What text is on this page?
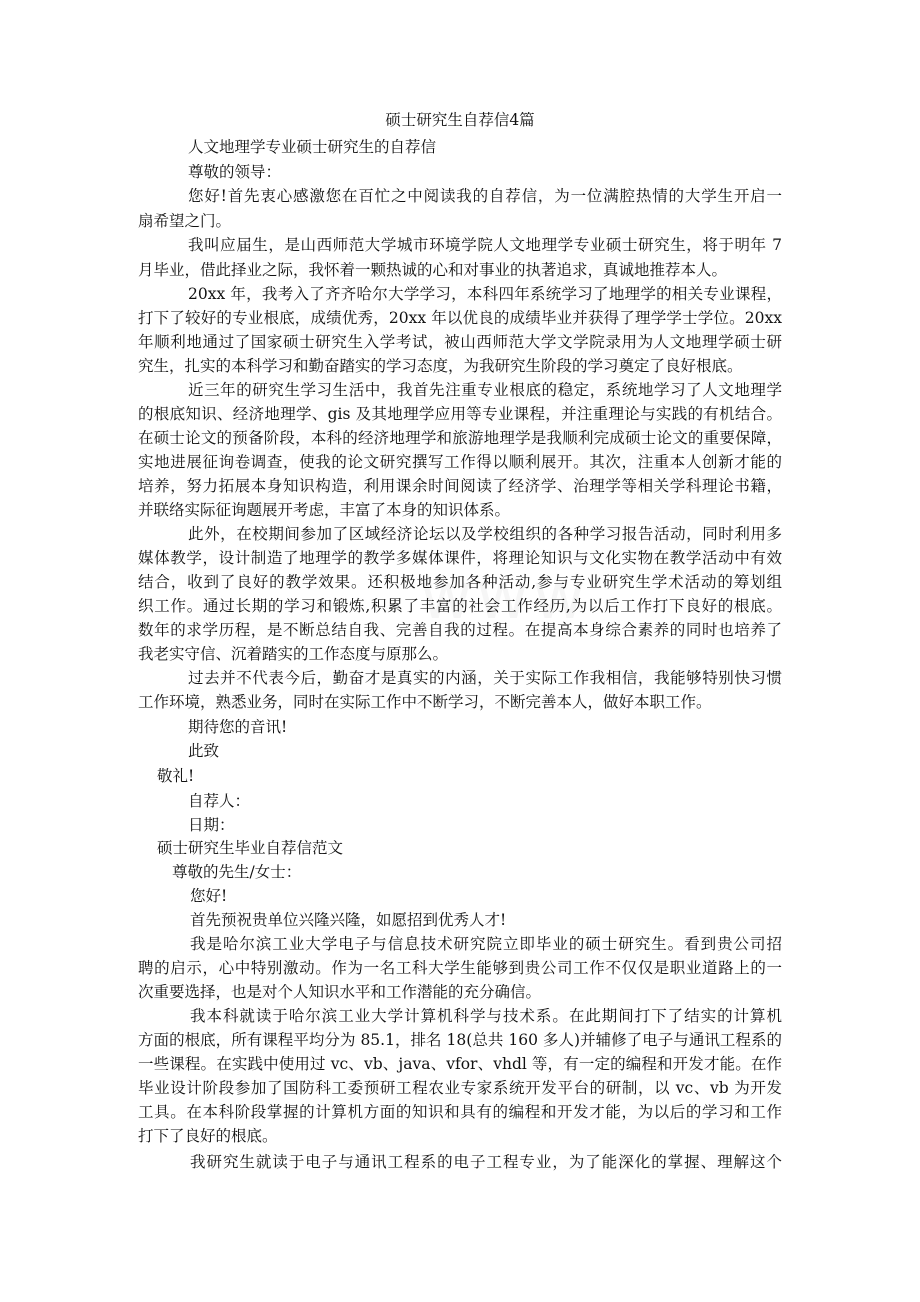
硕士研究生自荐信4篇
人文地理学专业硕士研究生的自荐信
尊敬的领导：
您好!首先衷心感激您在百忙之中阅读我的自荐信，为一位满腔热情的大学生开启一
扇希望之门。
我叫应届生，是山西师范大学城市环境学院人文地理学专业硕士研究生，将于明年 7
月毕业，借此择业之际，我怀着一颗热诚的心和对事业的执著追求，真诚地推荐本人。
20xx 年，我考入了齐齐哈尔大学学习，本科四年系统学习了地理学的相关专业课程，
打下了较好的专业根底，成绩优秀，20xx 年以优良的成绩毕业并获得了理学学士学位。20xx
年顺利地通过了国家硕士研究生入学考试，被山西师范大学文学院录用为人文地理学硕士研
究生，扎实的本科学习和勤奋踏实的学习态度，为我研究生阶段的学习奠定了良好根底。
近三年的研究生学习生活中，我首先注重专业根底的稳定，系统地学习了人文地理学
的根底知识、经济地理学、gis 及其地理学应用等专业课程，并注重理论与实践的有机结合。
在硕士论文的预备阶段，本科的经济地理学和旅游地理学是我顺利完成硕士论文的重要保障，
实地进展征询卷调查，使我的论文研究撰写工作得以顺利展开。其次，注重本人创新才能的
培养，努力拓展本身知识构造，利用课余时间阅读了经济学、治理学等相关学科理论书籍，
并联络实际征询题展开考虑，丰富了本身的知识体系。
此外，在校期间参加了区域经济论坛以及学校组织的各种学习报告活动，同时利用多
媒体教学，设计制造了地理学的教学多媒体课件，将理论知识与文化实物在教学活动中有效
结合，收到了良好的教学效果。还积极地参加各种活动,参与专业研究生学术活动的筹划组
织工作。通过长期的学习和锻炼,积累了丰富的社会工作经历,为以后工作打下良好的根底。
数年的求学历程，是不断总结自我、完善自我的过程。在提高本身综合素养的同时也培养了
我老实守信、沉着踏实的工作态度与原那么。
过去并不代表今后，勤奋才是真实的内涵，关于实际工作我相信，我能够特别快习惯
工作环境，熟悉业务，同时在实际工作中不断学习，不断完善本人，做好本职工作。
期待您的音讯!
此致
敬礼!
自荐人：
日期：
硕士研究生毕业自荐信范文
尊敬的先生/女士：
您好!
首先预祝贵单位兴隆兴隆，如愿招到优秀人才!
我是哈尔滨工业大学电子与信息技术研究院立即毕业的硕士研究生。看到贵公司招
聘的启示，心中特别激动。作为一名工科大学生能够到贵公司工作不仅仅是职业道路上的一
次重要选择，也是对个人知识水平和工作潜能的充分确信。
我本科就读于哈尔滨工业大学计算机科学与技术系。在此期间打下了结实的计算机
方面的根底，所有课程平均分为 85.1，排名 18(总共 160 多人)并辅修了电子与通讯工程系的
一些课程。在实践中使用过 vc、vb、java、vfor、vhdl 等，有一定的编程和开发才能。在作
毕业设计阶段参加了国防科工委预研工程农业专家系统开发平台的研制，以 vc、vb 为开发
工具。在本科阶段掌握的计算机方面的知识和具有的编程和开发才能，为以后的学习和工作
打下了良好的根底。
我研究生就读于电子与通讯工程系的电子工程专业，为了能深化的掌握、理解这个
